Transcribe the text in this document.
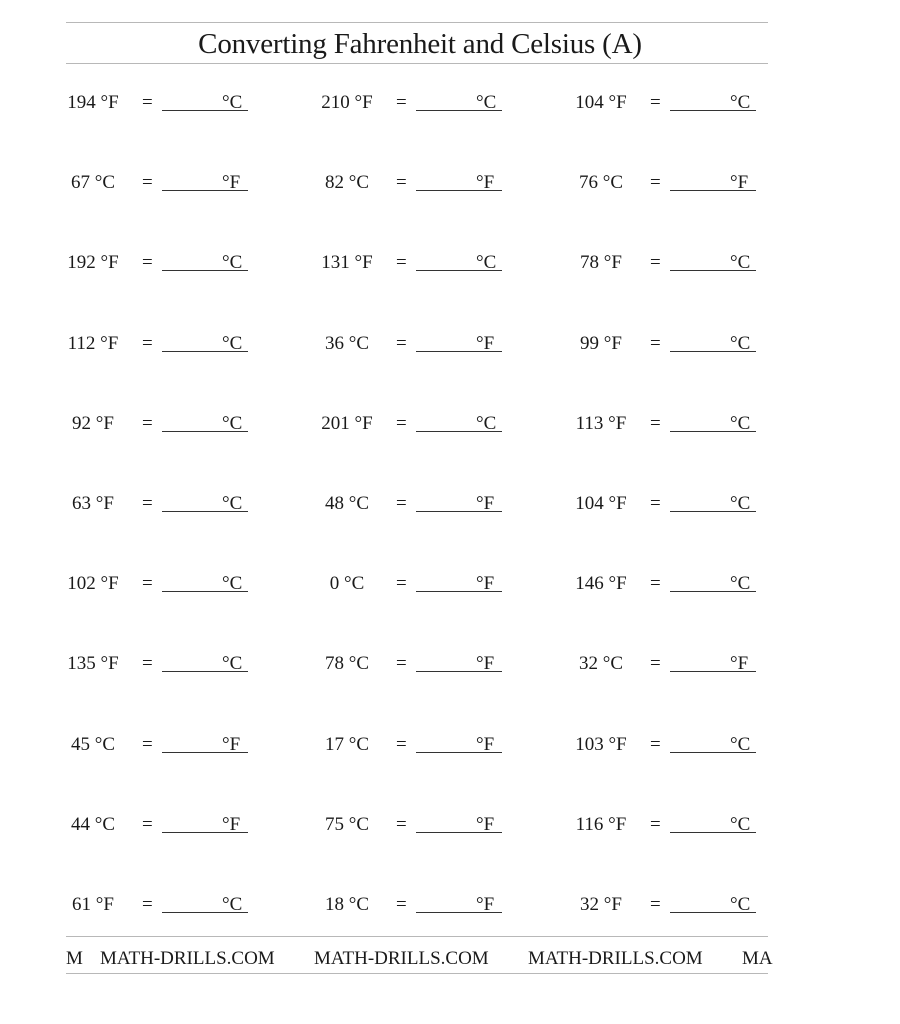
Converting Fahrenheit and Celsius (A)
194 °F =	°C	210 °F =	°C	104 °F =	°C
67 °C	=	°F	82 °C	=	°F	76 °C	=	°F
192 °F =	°C	131 °F =	°C	78 °F	=	°C
112 °F =	°C	36 °C	=	°F	99 °F	=	°C
92 °F	=	°C	201 °F =	°C	113 °F =	°C
63 °F	=	°C	48 °C	=	°F	104 °F =	°C
102 °F =	°C	0 °C	=	°F	146 °F =	°C
135 °F =	°C	78 °C	=	°F	32 °C	=	°F
45 °C	=	°F	17 °C	=	°F	103 °F =	°C
44 °C	=	°F	75 °C	=	°F	116 °F =	°C
61 °F	=	°C	18 °C	=	°F	32 °F	=	°C
M MATH-DRILLS.COM MATH-DRILLS.COM MATH-DRILLS.COM MA
